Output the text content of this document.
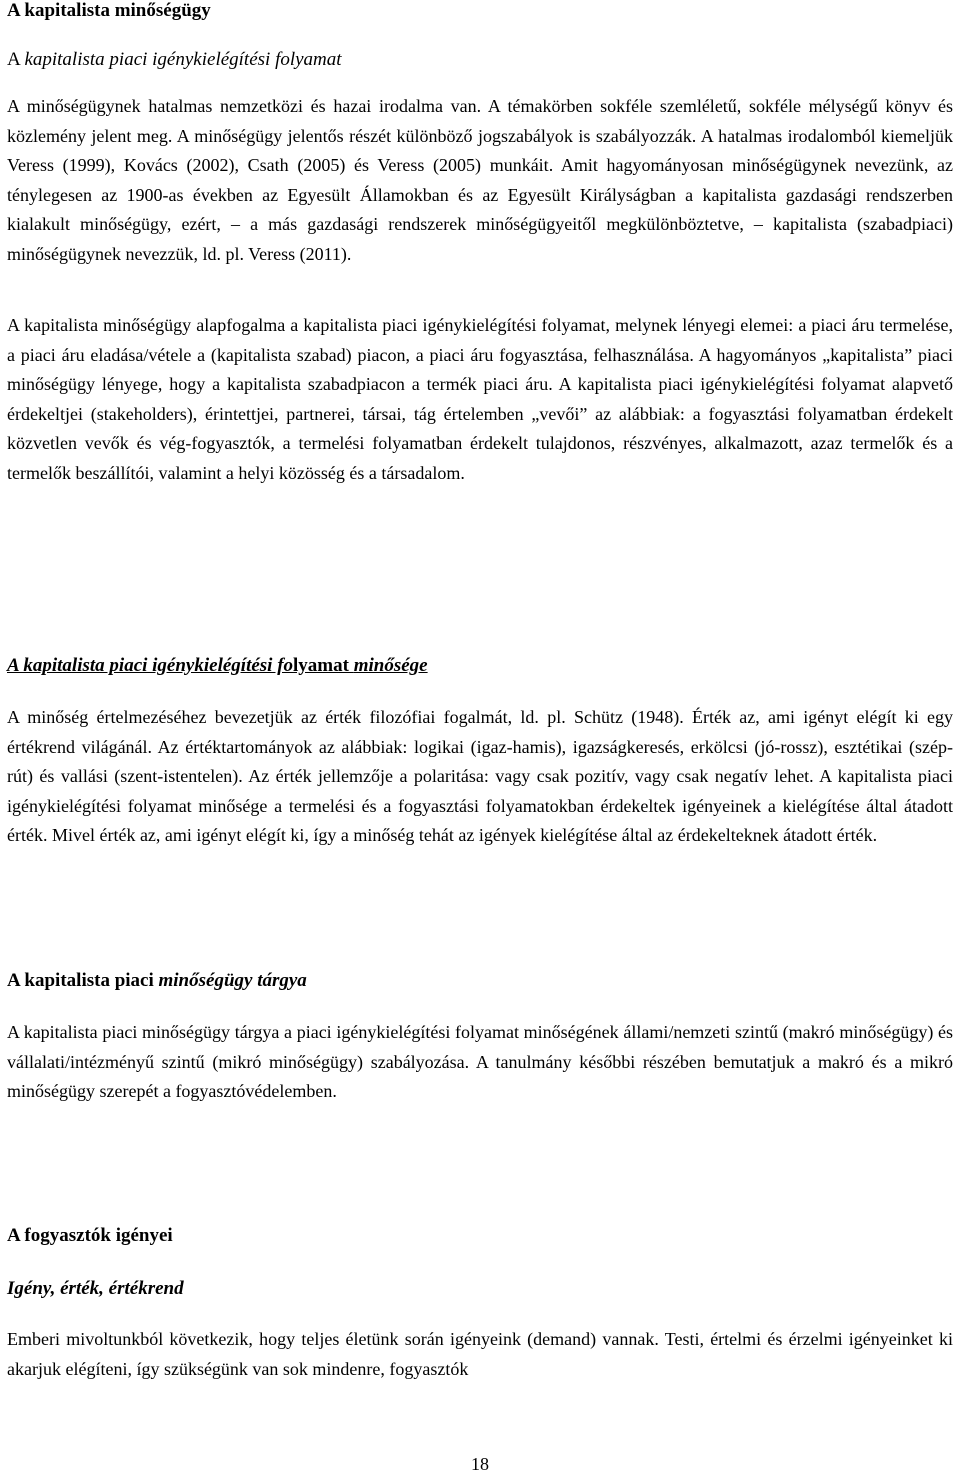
A kapitalista minőségügy
A kapitalista piaci igénykielégítési folyamat

A minőségügynek hatalmas nemzetközi és hazai irodalma van. A témakörben sokféle szemléletű, sokféle mélységű könyv és közlemény jelent meg. A minőségügy jelentős részét különböző jogszabályok is szabályozzák. A hatalmas irodalomból kiemeljük Veress (1999), Kovács (2002), Csath (2005) és Veress (2005) munkáit. Amit hagyományosan minőségügynek nevezünk, az ténylegesen az 1900-as években az Egyesült Államokban és az Egyesült Királyságban a kapitalista gazdasági rendszerben kialakult minőségügy, ezért, – a más gazdasági rendszerek minőségügyeitől megkülönböztetve, – kapitalista (szabadpiaci) minőségügynek nevezzük, ld. pl. Veress (2011).

A kapitalista minőségügy alapfogalma a kapitalista piaci igénykielégítési folyamat, melynek lényegi elemei: a piaci áru termelése, a piaci áru eladása/vétele a (kapitalista szabad) piacon, a piaci áru fogyasztása, felhasználása. A hagyományos „kapitalista” piaci minőségügy lényege, hogy a kapitalista szabadpiacon a termék piaci áru. A kapitalista piaci igénykielégítési folyamat alapvető érdekeltjei (stakeholders), érintettjei, partnerei, társai, tág értelemben „vevői” az alábbiak: a fogyasztási folyamatban érdekelt közvetlen vevők és vég-fogyasztók, a termelési folyamatban érdekelt tulajdonos, részvényes, alkalmazott, azaz termelők és a termelők beszállítói, valamint a helyi közösség és a társadalom.

A kapitalista piaci igénykielégítési folyamat minősége

A minőség értelmezéséhez bevezetjük az érték filozófiai fogalmát, ld. pl. Schütz (1948). Érték az, ami igényt elégít ki egy értékrend világánál. Az értéktartományok az alábbiak: logikai (igaz-hamis), igazságkeresés, erkölcsi (jó-rossz), esztétikai (szép-rút) és vallási (szent-istentelen). Az érték jellemzője a polaritása: vagy csak pozitív, vagy csak negatív lehet. A kapitalista piaci igénykielégítési folyamat minősége a termelési és a fogyasztási folyamatokban érdekeltek igényeinek a kielégítése által átadott érték. Mivel érték az, ami igényt elégít ki, így a minőség tehát az igények kielégítése által az érdekelteknek átadott érték.

A kapitalista piaci minőségügy tárgya

A kapitalista piaci minőségügy tárgya a piaci igénykielégítési folyamat minőségének állami/nemzeti szintű (makró minőségügy) és vállalati/intézményű szintű (mikró minőségügy) szabályozása. A tanulmány későbbi részében bemutatjuk a makró és a mikró minőségügy szerepét a fogyasztóvédelemben.

A fogyasztók igényei
Igény, érték, értékrend

Emberi mivoltunkból következik, hogy teljes életünk során igényeink (demand) vannak. Testi, értelmi és érzelmi igényeinket ki akarjuk elégíteni, így szükségünk van sok mindenre, fogyasztók

18
